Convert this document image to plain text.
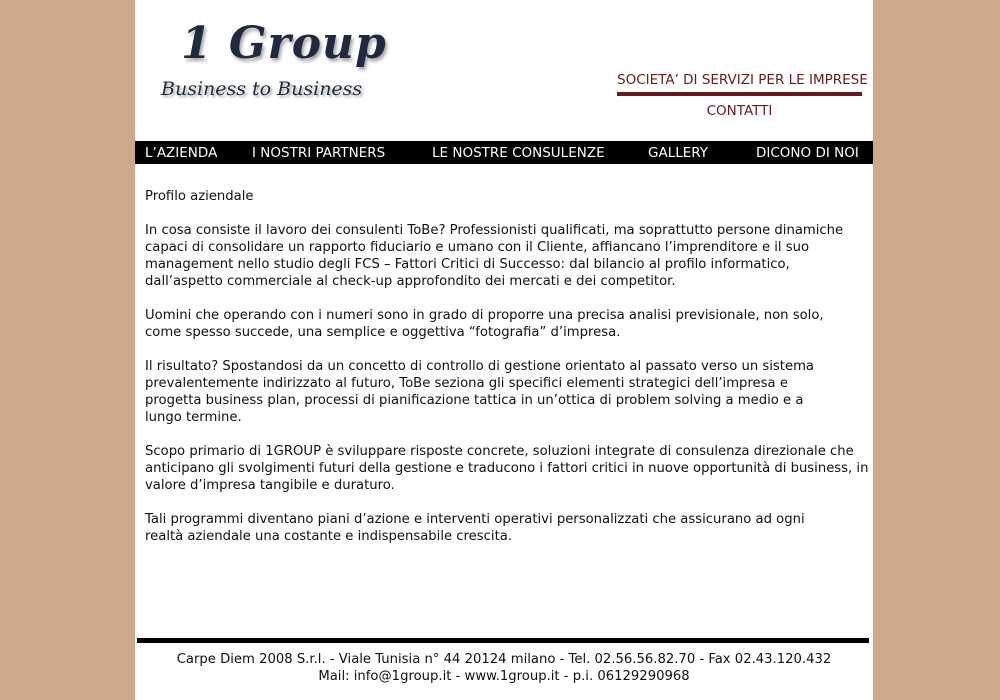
1 Group
Business to Business	SOCIETA’ DI SERVIZI PER LE IMPRESE
CONTATTI
L’AZIENDA	I NOSTRI PARTNERS	LE NOSTRE CONSULENZE	GALLERY	DICONO DI NOI

Profilo aziendale

In cosa consiste il lavoro dei consulenti ToBe? Professionisti qualificati, ma soprattutto persone dinamiche capaci di consolidare un rapporto fiduciario e umano con il Cliente, affiancano l’imprenditore e il suo management nello studio degli FCS – Fattori Critici di Successo: dal bilancio al profilo informatico, dall’aspetto commerciale al check-up approfondito dei mercati e dei competitor.

Uomini che operando con i numeri sono in grado di proporre una precisa analisi previsionale, non solo, come spesso succede, una semplice e oggettiva “fotografia” d’impresa.

Il risultato? Spostandosi da un concetto di controllo di gestione orientato al passato verso un sistema prevalentemente indirizzato al futuro, ToBe seziona gli specifici elementi strategici dell’impresa e progetta business plan, processi di pianificazione tattica in un’ottica di problem solving a medio e a lungo termine.

Scopo primario di 1GROUP è sviluppare risposte concrete, soluzioni integrate di consulenza direzionale che anticipano gli svolgimenti futuri della gestione e traducono i fattori critici in nuove opportunità di business, in valore d’impresa tangibile e duraturo.

Tali programmi diventano piani d’azione e interventi operativi personalizzati che assicurano ad ogni realtà aziendale una costante e indispensabile crescita.

Carpe Diem 2008 S.r.l. - Viale Tunisia n° 44 20124 milano - Tel. 02.56.56.82.70 - Fax 02.43.120.432
Mail: info@1group.it - www.1group.it - p.i. 06129290968
